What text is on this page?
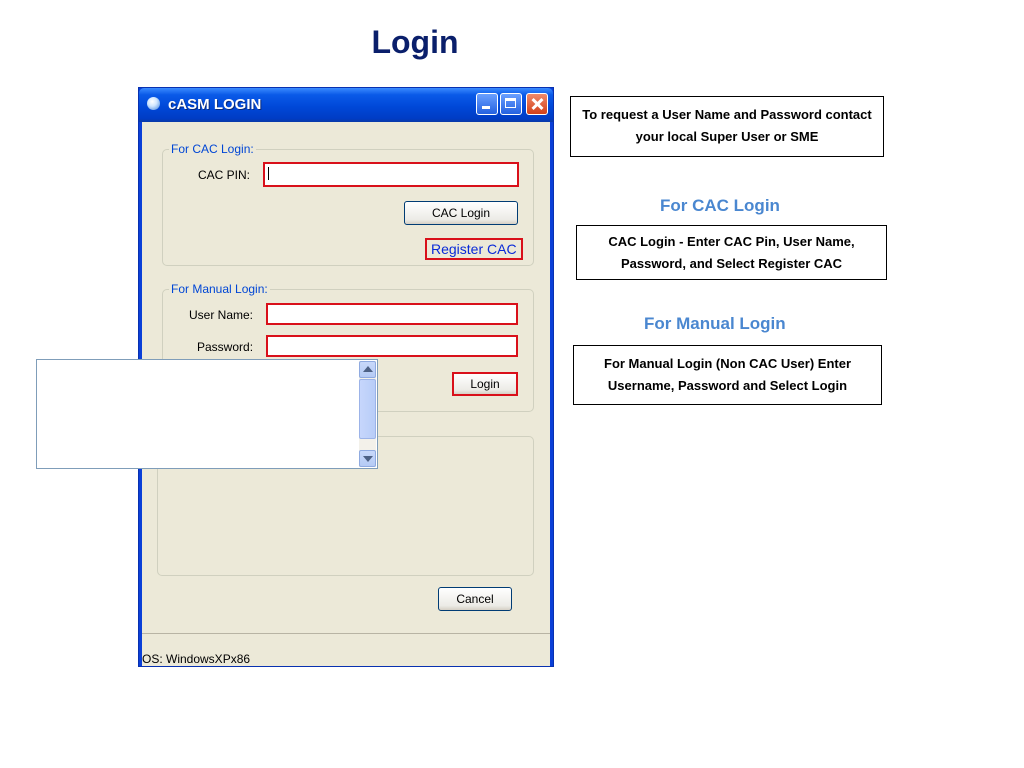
Login
cASM LOGIN
For CAC Login:
CAC PIN:
CAC Login
Register CAC
For Manual Login:
User Name:
Password:
Login
Cancel
OS: WindowsXPx86
To request a User Name and Password contact your local Super User or SME
For CAC Login
CAC Login - Enter CAC Pin, User Name, Password, and Select Register CAC
For Manual Login
For Manual Login (Non CAC User) Enter Username, Password and Select Login
